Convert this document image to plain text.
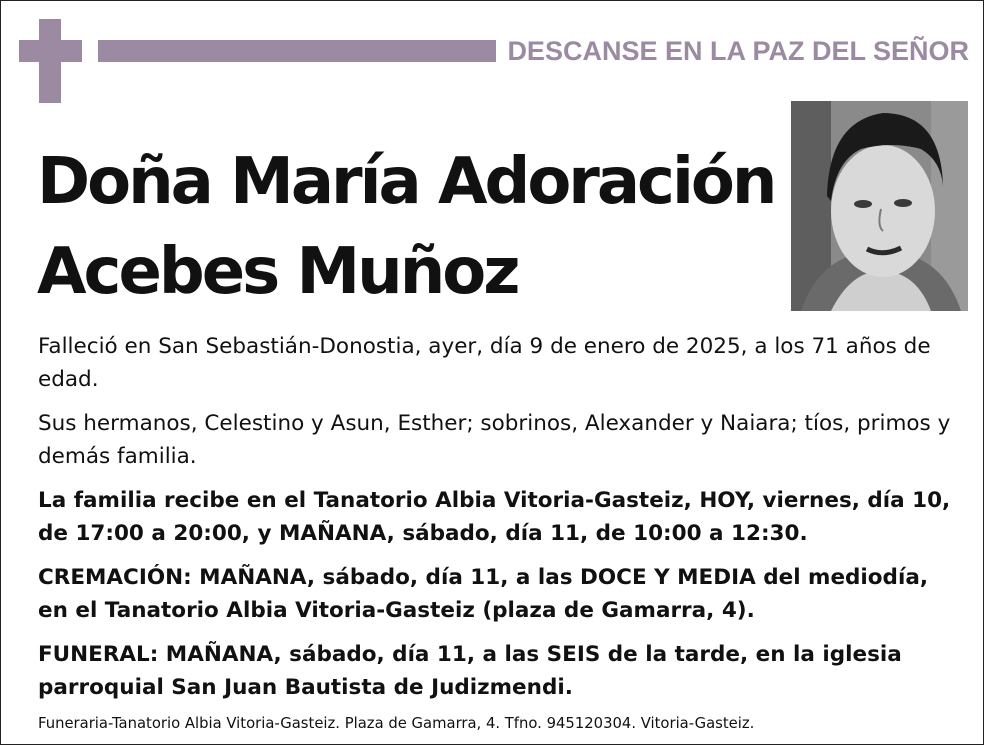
DESCANSE EN LA PAZ DEL SEÑOR
Doña María Adoración
Acebes Muñoz

Falleció en San Sebastián-Donostia, ayer, día 9 de enero de 2025, a los 71 años de edad.

Sus hermanos, Celestino y Asun, Esther; sobrinos, Alexander y Naiara; tíos, primos y demás familia.

La familia recibe en el Tanatorio Albia Vitoria-Gasteiz, HOY, viernes, día 10, de 17:00 a 20:00, y MAÑANA, sábado, día 11, de 10:00 a 12:30.

CREMACIÓN: MAÑANA, sábado, día 11, a las DOCE Y MEDIA del mediodía, en el Tanatorio Albia Vitoria-Gasteiz (plaza de Gamarra, 4).

FUNERAL: MAÑANA, sábado, día 11, a las SEIS de la tarde, en la iglesia parroquial San Juan Bautista de Judizmendi.

Funeraria-Tanatorio Albia Vitoria-Gasteiz. Plaza de Gamarra, 4. Tfno. 945120304. Vitoria-Gasteiz.
